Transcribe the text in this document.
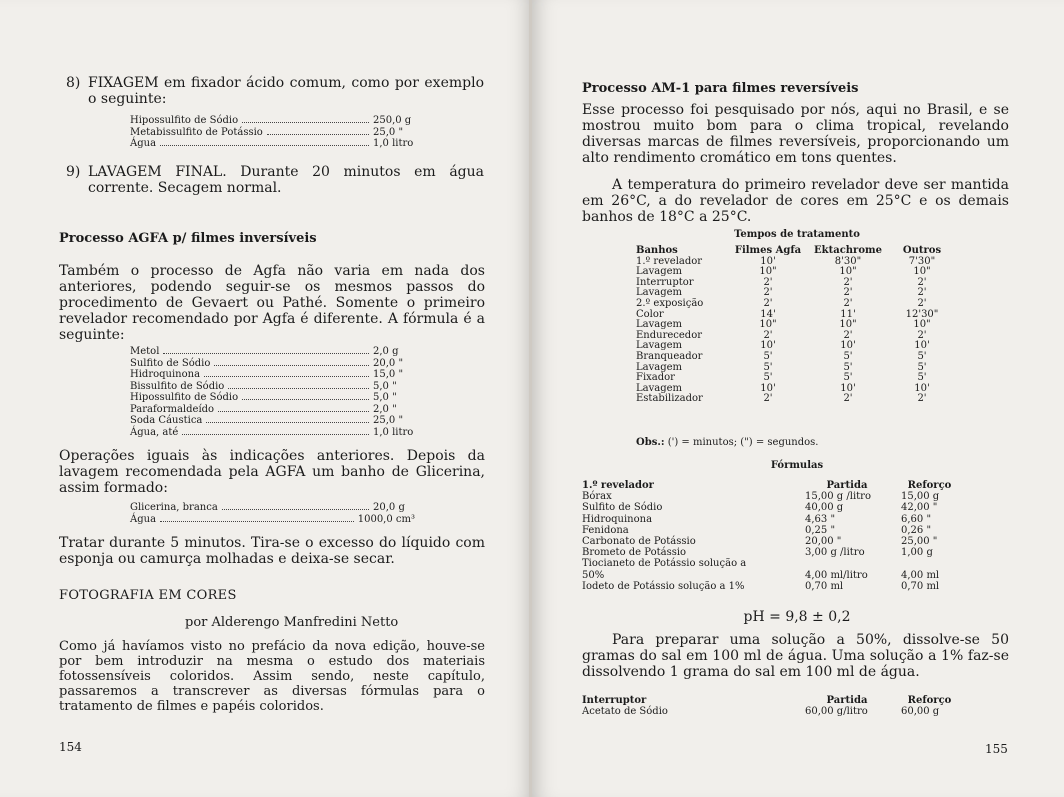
8) FIXAGEM em fixador ácido comum, como por exemplo o seguinte:
Hipossulfito de Sódio	250,0 g
Metabissulfito de Potássio	25,0 "
Água	1,0 litro
9) LAVAGEM FINAL. Durante 20 minutos em água corrente. Secagem normal.
Processo AGFA p/ filmes inversíveis
Também o processo de Agfa não varia em nada dos anteriores, podendo seguir-se os mesmos passos do procedimento de Gevaert ou Pathé. Somente o primeiro revelador recomendado por Agfa é diferente. A fórmula é a seguinte:
Metol	2,0 g
Sulfito de Sódio	20,0 "
Hidroquinona	15,0 "
Bissulfito de Sódio	5,0 "
Hipossulfito de Sódio	5,0 "
Paraformaldeído	2,0 "
Soda Cáustica	25,0 "
Água, até	1,0 litro
Operações iguais às indicações anteriores. Depois da lavagem recomendada pela AGFA um banho de Glicerina, assim formado:
Glicerina, branca	20,0 g
Água	1000,0 cm³
Tratar durante 5 minutos. Tira-se o excesso do líquido com esponja ou camurça molhadas e deixa-se secar.
FOTOGRAFIA EM CORES
por Alderengo Manfredini Netto
Como já havíamos visto no prefácio da nova edição, houve-se por bem introduzir na mesma o estudo dos materiais fotossensíveis coloridos. Assim sendo, neste capítulo, passaremos a transcrever as diversas fórmulas para o tratamento de filmes e papéis coloridos.
154
Processo AM-1 para filmes reversíveis
Esse processo foi pesquisado por nós, aqui no Brasil, e se mostrou muito bom para o clima tropical, revelando diversas marcas de filmes reversíveis, proporcionando um alto rendimento cromático em tons quentes.
A temperatura do primeiro revelador deve ser mantida em 26°C, a do revelador de cores em 25°C e os demais banhos de 18°C a 25°C.
Tempos de tratamento
Banhos	Filmes Agfa	Ektachrome	Outros
1.º revelador	10'	8'30"	7'30"
Lavagem	10"	10"	10"
Interruptor	2'	2'	2'
Lavagem	2'	2'	2'
2.º exposição	2'	2'	2'
Color	14'	11'	12'30"
Lavagem	10"	10"	10"
Endurecedor	2'	2'	2'
Lavagem	10'	10'	10'
Branqueador	5'	5'	5'
Lavagem	5'	5'	5'
Fixador	5'	5'	5'
Lavagem	10'	10'	10'
Estabilizador	2'	2'	2'
Obs.: (') = minutos; (") = segundos.
Fórmulas
1.º revelador	Partida	Reforço
Bórax	15,00 g /litro	15,00 g
Sulfito de Sódio	40,00 g	42,00 "
Hidroquinona	4,63 "	6,60 "
Fenidona	0,25 "	0,26 "
Carbonato de Potássio	20,00 "	25,00 "
Brometo de Potássio	3,00 g /litro	1,00 g
Tiocianeto de Potássio solução a		
50%	4,00 ml/litro	4,00 ml
Iodeto de Potássio solução a 1%	0,70 ml	0,70 ml
pH = 9,8 ± 0,2
Para preparar uma solução a 50%, dissolve-se 50 gramas do sal em 100 ml de água. Uma solução a 1% faz-se dissolvendo 1 grama do sal em 100 ml de água.
Interruptor	Partida	Reforço
Acetato de Sódio	60,00 g/litro	60,00 g
155
